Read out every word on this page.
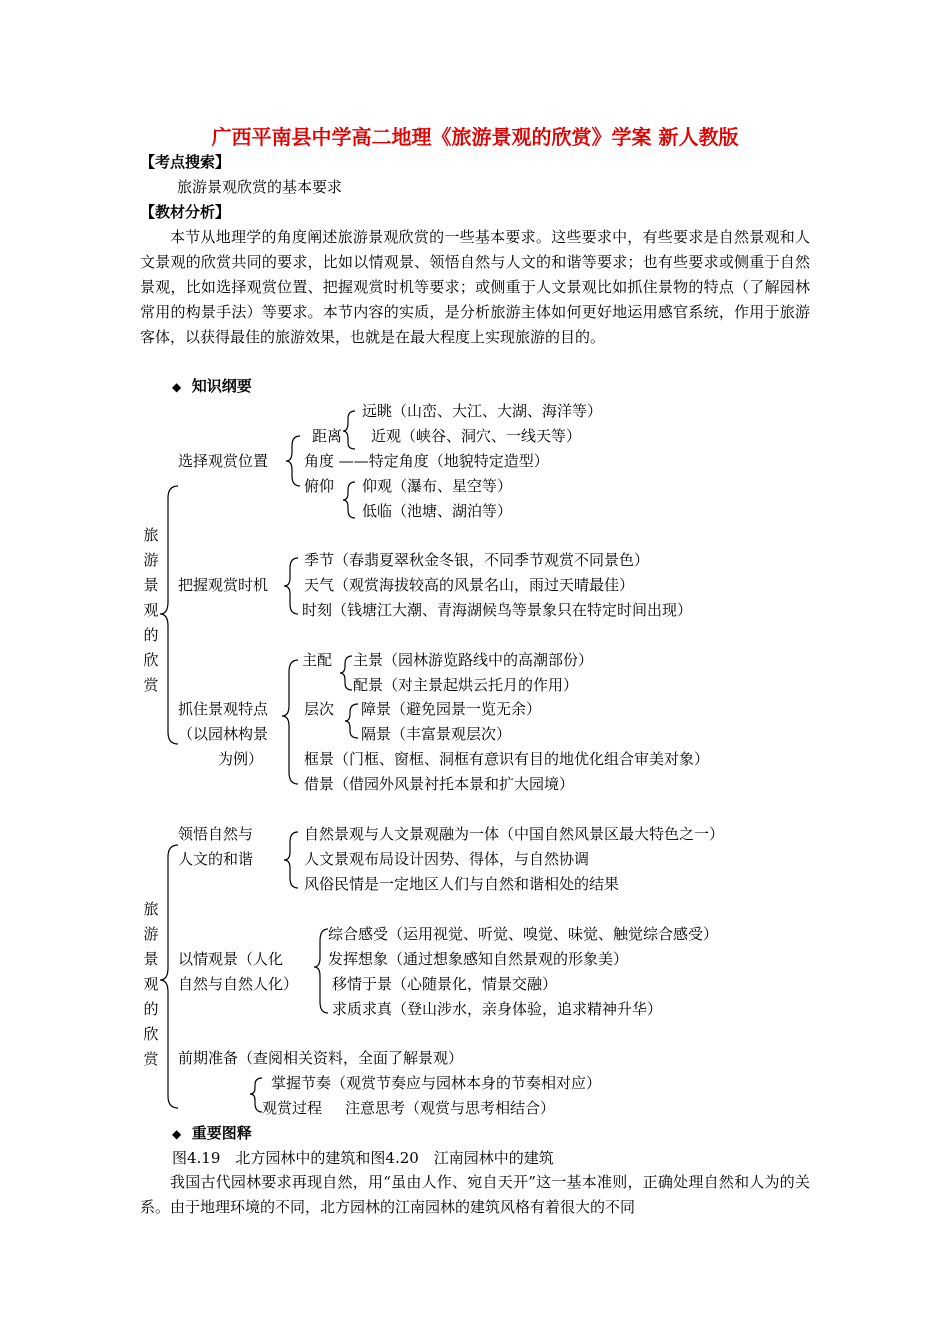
广西平南县中学高二地理《旅游景观的欣赏》学案 新人教版
【考点搜索】
旅游景观欣赏的基本要求
【教材分析】
本节从地理学的角度阐述旅游景观欣赏的一些基本要求。这些要求中，有些要求是自然景观和人文景观的欣赏共同的要求，比如以情观景、领悟自然与人文的和谐等要求；也有些要求或侧重于自然景观，比如选择观赏位置、把握观赏时机等要求；或侧重于人文景观比如抓住景物的特点（了解园林常用的构景手法）等要求。本节内容的实质，是分析旅游主体如何更好地运用感官系统，作用于旅游客体，以获得最佳的旅游效果，也就是在最大程度上实现旅游的目的。
◆ 知识纲要
旅
游
景
观
的
欣
赏
选择观赏位置
距离
远眺（山峦、大江、大湖、海洋等）
近观（峡谷、洞穴、一线天等）
角度 ——特定角度（地貌特定造型）
俯仰 仰观（瀑布、星空等）
低临（池塘、湖泊等）
把握观赏时机
季节（春翡夏翠秋金冬银，不同季节观赏不同景色）
天气（观赏海拔较高的风景名山，雨过天晴最佳）
时刻（钱塘江大潮、青海湖候鸟等景象只在特定时间出现）
抓住景观特点
（以园林构景
为例）
主配 主景（园林游览路线中的高潮部份）
配景（对主景起烘云托月的作用）
层次 障景（避免园景一览无余）
隔景（丰富景观层次）
框景（门框、窗框、洞框有意识有目的地优化组合审美对象）
借景（借园外风景衬托本景和扩大园境）
旅
游
景
观
的
欣
赏
领悟自然与
人文的和谐
自然景观与人文景观融为一体（中国自然风景区最大特色之一）
人文景观布局设计因势、得体，与自然协调
风俗民情是一定地区人们与自然和谐相处的结果
以情观景（人化
自然与自然人化）
综合感受（运用视觉、听觉、嗅觉、味觉、触觉综合感受）
发挥想象（通过想象感知自然景观的形象美）
移情于景（心随景化，情景交融）
求质求真（登山涉水，亲身体验，追求精神升华）
前期准备（查阅相关资料，全面了解景观）
掌握节奏（观赏节奏应与园林本身的节奏相对应）
观赏过程 注意思考（观赏与思考相结合）
◆ 重要图释
图4.19　北方园林中的建筑和图4.20　江南园林中的建筑
我国古代园林要求再现自然，用“虽由人作、宛自天开”这一基本准则，正确处理自然和人为的关系。由于地理环境的不同，北方园林的江南园林的建筑风格有着很大的不同
